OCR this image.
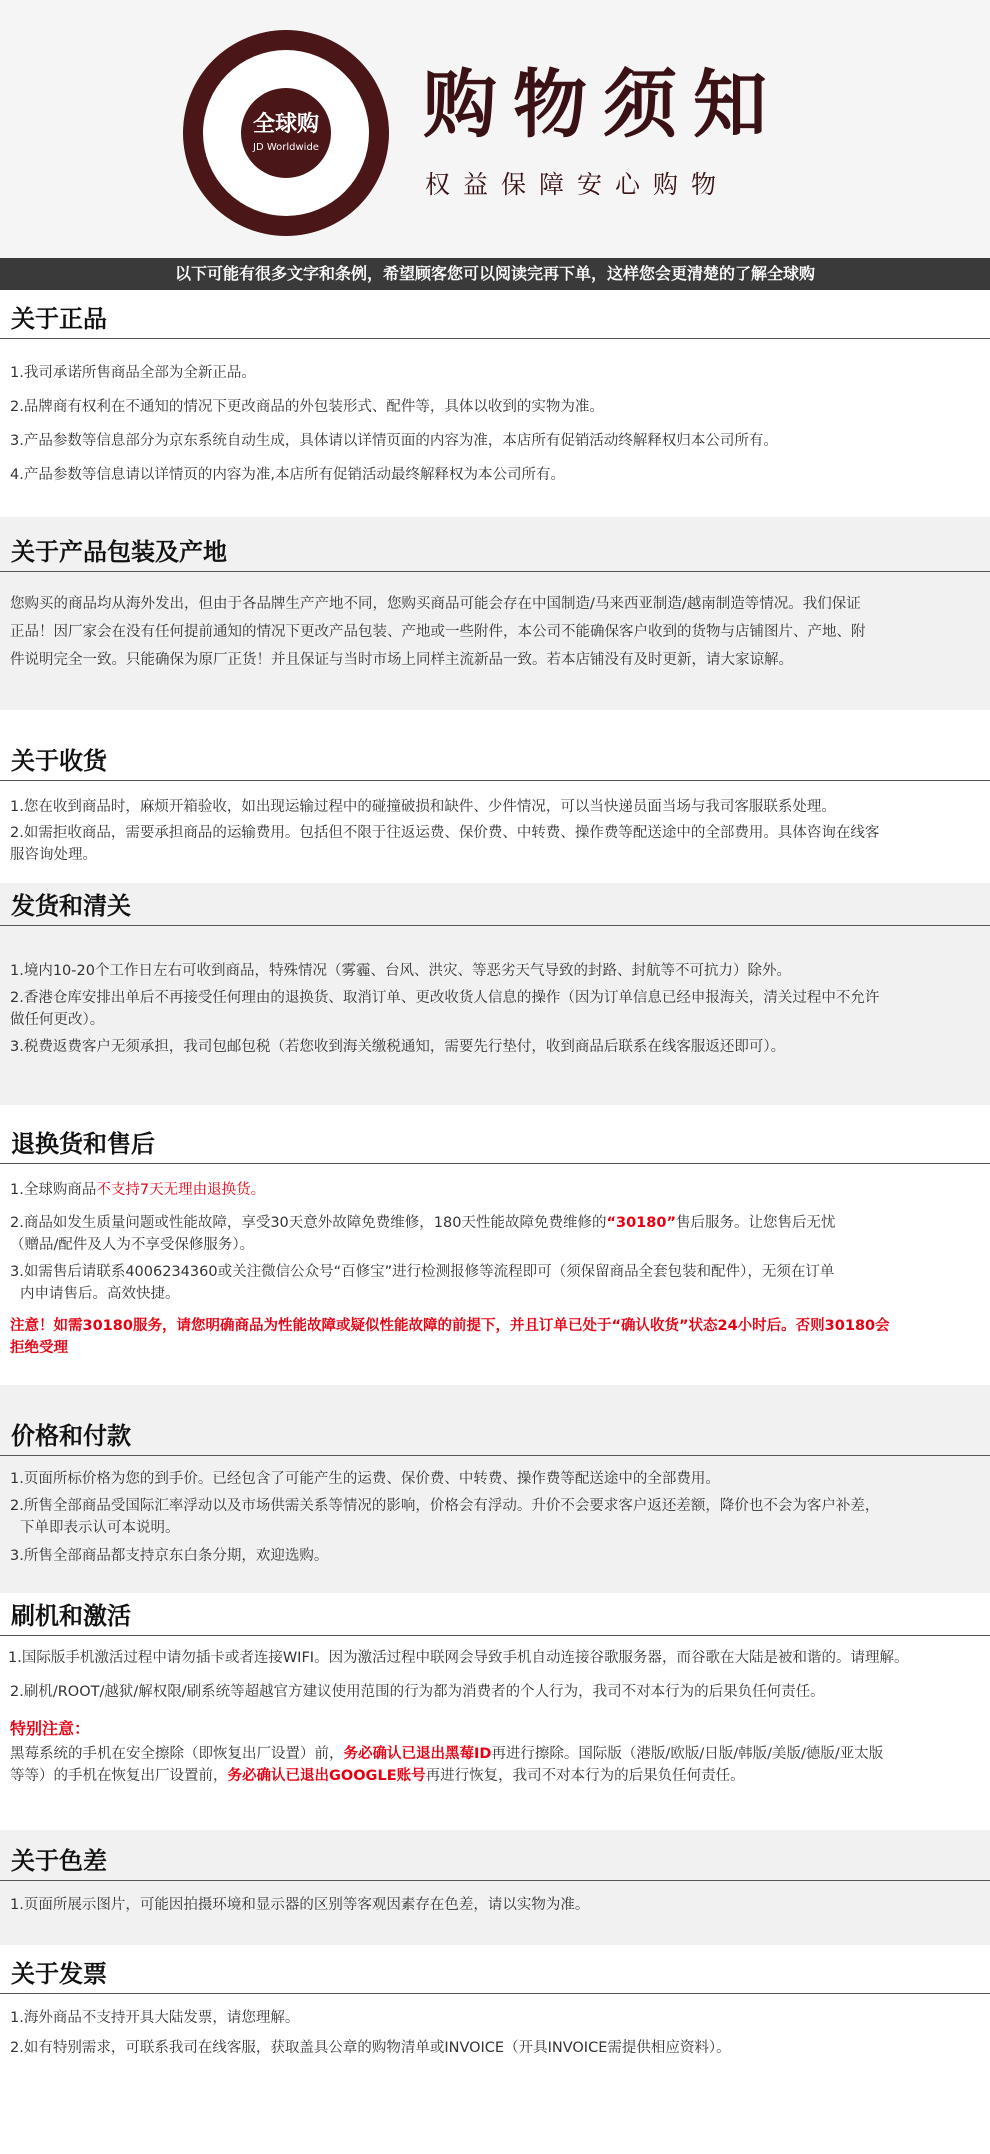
全球购
JD Worldwide 购物须知
权益保障安心购物
以下可能有很多文字和条例，希望顾客您可以阅读完再下单，这样您会更清楚的了解全球购
关于正品
1.我司承诺所售商品全部为全新正品。
2.品牌商有权利在不通知的情况下更改商品的外包装形式、配件等，具体以收到的实物为准。
3.产品参数等信息部分为京东系统自动生成，具体请以详情页面的内容为准，本店所有促销活动终解释权归本公司所有。
4.产品参数等信息请以详情页的内容为准,本店所有促销活动最终解释权为本公司所有。
关于产品包装及产地
您购买的商品均从海外发出，但由于各品牌生产产地不同，您购买商品可能会存在中国制造/马来西亚制造/越南制造等情况。我们保证
正品！因厂家会在没有任何提前通知的情况下更改产品包装、产地或一些附件，本公司不能确保客户收到的货物与店铺图片、产地、附
件说明完全一致。只能确保为原厂正货！并且保证与当时市场上同样主流新品一致。若本店铺没有及时更新，请大家谅解。
关于收货
1.您在收到商品时，麻烦开箱验收，如出现运输过程中的碰撞破损和缺件、少件情况，可以当快递员面当场与我司客服联系处理。
2.如需拒收商品，需要承担商品的运输费用。包括但不限于往返运费、保价费、中转费、操作费等配送途中的全部费用。具体咨询在线客
服咨询处理。
发货和清关
1.境内10-20个工作日左右可收到商品，特殊情况（雾霾、台风、洪灾、等恶劣天气导致的封路、封航等不可抗力）除外。
2.香港仓库安排出单后不再接受任何理由的退换货、取消订单、更改收货人信息的操作（因为订单信息已经申报海关，清关过程中不允许
做任何更改）。
3.税费返费客户无须承担，我司包邮包税（若您收到海关缴税通知，需要先行垫付，收到商品后联系在线客服返还即可）。
退换货和售后
1.全球购商品不支持7天无理由退换货。
2.商品如发生质量问题或性能故障，享受30天意外故障免费维修，180天性能故障免费维修的“30180”售后服务。让您售后无忧
（赠品/配件及人为不享受保修服务）。
3.如需售后请联系4006234360或关注微信公众号“百修宝”进行检测报修等流程即可（须保留商品全套包装和配件），无须在订单
内申请售后。高效快捷。
注意！如需30180服务，请您明确商品为性能故障或疑似性能故障的前提下，并且订单已处于“确认收货”状态24小时后。否则30180会
拒绝受理
价格和付款
1.页面所标价格为您的到手价。已经包含了可能产生的运费、保价费、中转费、操作费等配送途中的全部费用。
2.所售全部商品受国际汇率浮动以及市场供需关系等情况的影响，价格会有浮动。升价不会要求客户返还差额，降价也不会为客户补差，
下单即表示认可本说明。
3.所售全部商品都支持京东白条分期，欢迎选购。
刷机和激活
1.国际版手机激活过程中请勿插卡或者连接WIFI。因为激活过程中联网会导致手机自动连接谷歌服务器，而谷歌在大陆是被和谐的。请理解。
2.刷机/ROOT/越狱/解权限/刷系统等超越官方建议使用范围的行为都为消费者的个人行为，我司不对本行为的后果负任何责任。
特别注意：
黑莓系统的手机在安全擦除（即恢复出厂设置）前，务必确认已退出黑莓ID再进行擦除。国际版（港版/欧版/日版/韩版/美版/德版/亚太版
等等）的手机在恢复出厂设置前，务必确认已退出GOOGLE账号再进行恢复，我司不对本行为的后果负任何责任。
关于色差
1.页面所展示图片，可能因拍摄环境和显示器的区别等客观因素存在色差，请以实物为准。
关于发票
1.海外商品不支持开具大陆发票，请您理解。
2.如有特别需求，可联系我司在线客服，获取盖具公章的购物清单或INVOICE（开具INVOICE需提供相应资料）。
